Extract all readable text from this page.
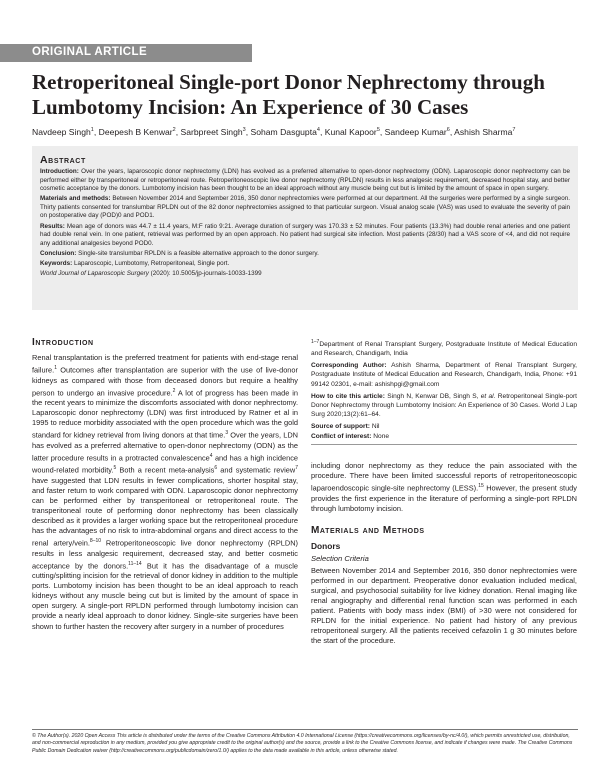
ORIGINAL ARTICLE
Retroperitoneal Single-port Donor Nephrectomy through Lumbotomy Incision: An Experience of 30 Cases
Navdeep Singh$^1$, Deepesh B Kenwar$^2$, Sarbpreet Singh$^3$, Soham Dasgupta$^4$, Kunal Kapoor$^5$, Sandeep Kumar$^6$, Ashish Sharma$^7$
Abstract

Introduction: Over the years, laparoscopic donor nephrectomy (LDN) has evolved as a preferred alternative to open-donor nephrectomy (ODN). Laparoscopic donor nephrectomy can be performed either by transperitoneal or retroperitoneal route. Retroperitoneoscopic live donor nephrectomy (RPLDN) results in less analgesic requirement, decreased hospital stay, and better cosmetic acceptance by the donors. Lumbotomy incision has been thought to be an ideal approach without any muscle being cut but is limited by the amount of space in open surgery.

Materials and methods: Between November 2014 and September 2016, 350 donor nephrectomies were performed at our department. All the surgeries were performed by a single surgeon. Thirty patients consented for translumbar RPLDN out of the 82 donor nephrectomies assigned to that particular surgeon. Visual analog scale (VAS) was used to evaluate the severity of pain on postoperative day (POD)0 and POD1.

Results: Mean age of donors was 44.7 ± 11.4 years, M:F ratio 9:21. Average duration of surgery was 170.33 ± 52 minutes. Four patients (13.3%) had double renal arteries and one patient had double renal vein. In one patient, retrieval was performed by an open approach. No patient had surgical site infection. Most patients (28/30) had a VAS score of <4, and did not require any additional analgesics beyond POD0.

Conclusion: Single-site translumbar RPLDN is a feasible alternative approach to the donor surgery.

Keywords: Laparoscopic, Lumbotomy, Retroperitoneal, Single port.

World Journal of Laparoscopic Surgery (2020): 10.5005/jp-journals-10033-1399

Introduction

Renal transplantation is the preferred treatment for patients with end-stage renal failure.$^1$ Outcomes after transplantation are superior with the use of live-donor kidneys as compared with those from deceased donors but require a healthy person to undergo an invasive procedure.$^2$ A lot of progress has been made in the recent years to minimize the discomforts associated with donor nephrectomy. Laparoscopic donor nephrectomy (LDN) was first introduced by Ratner et al in 1995 to reduce morbidity associated with the open procedure which was the gold standard for kidney retrieval from living donors at that time.$^3$ Over the years, LDN has evolved as a preferred alternative to open-donor nephrectomy (ODN) as the latter procedure results in a protracted convalescence$^4$ and has a high incidence wound-related morbidity.$^5$ Both a recent meta-analysis$^6$ and systematic review$^7$ have suggested that LDN results in fewer complications, shorter hospital stay, and faster return to work compared with ODN. Laparoscopic donor nephrectomy can be performed either by transperitoneal or retroperitoneal route. The transperitoneal route of performing donor nephrectomy has been classically described as it provides a larger working space but the retroperitoneal procedure has the advantages of no risk to intra-abdominal organs and direct access to the renal artery/vein.$^{8-10}$ Retroperitoneoscopic live donor nephrectomy (RPLDN) results in less analgesic requirement, decreased stay, and better cosmetic acceptance by the donors.$^{11-14}$ But it has the disadvantage of a muscle cutting/splitting incision for the retrieval of donor kidney in addition to the multiple ports. Lumbotomy incision has been thought to be an ideal approach to reach kidneys without any muscle being cut but is limited by the amount of space in open surgery. A single-port RPLDN performed through lumbotomy incision can provide a nearly ideal approach to donor kidney. Single-site surgeries have been shown to further hasten the recovery after surgery in a number of procedures

$^{1-7}$Department of Renal Transplant Surgery, Postgraduate Institute of Medical Education and Research, Chandigarh, India

Corresponding Author: Ashish Sharma, Department of Renal Transplant Surgery, Postgraduate Institute of Medical Education and Research, Chandigarh, India, Phone: +91 99142 02301, e-mail: ashishpgi@gmail.com

How to cite this article: Singh N, Kenwar DB, Singh S, et al. Retroperitoneal Single-port Donor Nephrectomy through Lumbotomy Incision: An Experience of 30 Cases. World J Lap Surg 2020;13(2):61–64.

Source of support: Nil

Conflict of interest: None

including donor nephrectomy as they reduce the pain associated with the procedure. There have been limited successful reports of retroperitoneoscopic laparoendoscopic single-site nephrectomy (LESS).$^{15}$ However, the present study provides the first experience in the literature of performing a single-port RPLDN through lumbotomy incision.

Materials and Methods
Donors
Selection Criteria

Between November 2014 and September 2016, 350 donor nephrectomies were performed in our department. Preoperative donor evaluation included medical, surgical, and psychosocial suitability for live kidney donation. Renal imaging like renal angiography and differential renal function scan was performed in each patient. Patients with body mass index (BMI) of >30 were not considered for RPLDN for the initial experience. No patient had history of any previous retroperitoneal surgery. All the patients received cefazolin 1 g 30 minutes before the start of the procedure.

© The Author(s). 2020 Open Access This article is distributed under the terms of the Creative Commons Attribution 4.0 International License (https://creativecommons.org/licenses/by-nc/4.0/), which permits unrestricted use, distribution, and non-commercial reproduction in any medium, provided you give appropriate credit to the original author(s) and the source, provide a link to the Creative Commons license, and indicate if changes were made. The Creative Commons Public Domain Dedication waiver (http://creativecommons.org/publicdomain/zero/1.0/) applies to the data made available in this article, unless otherwise stated.
